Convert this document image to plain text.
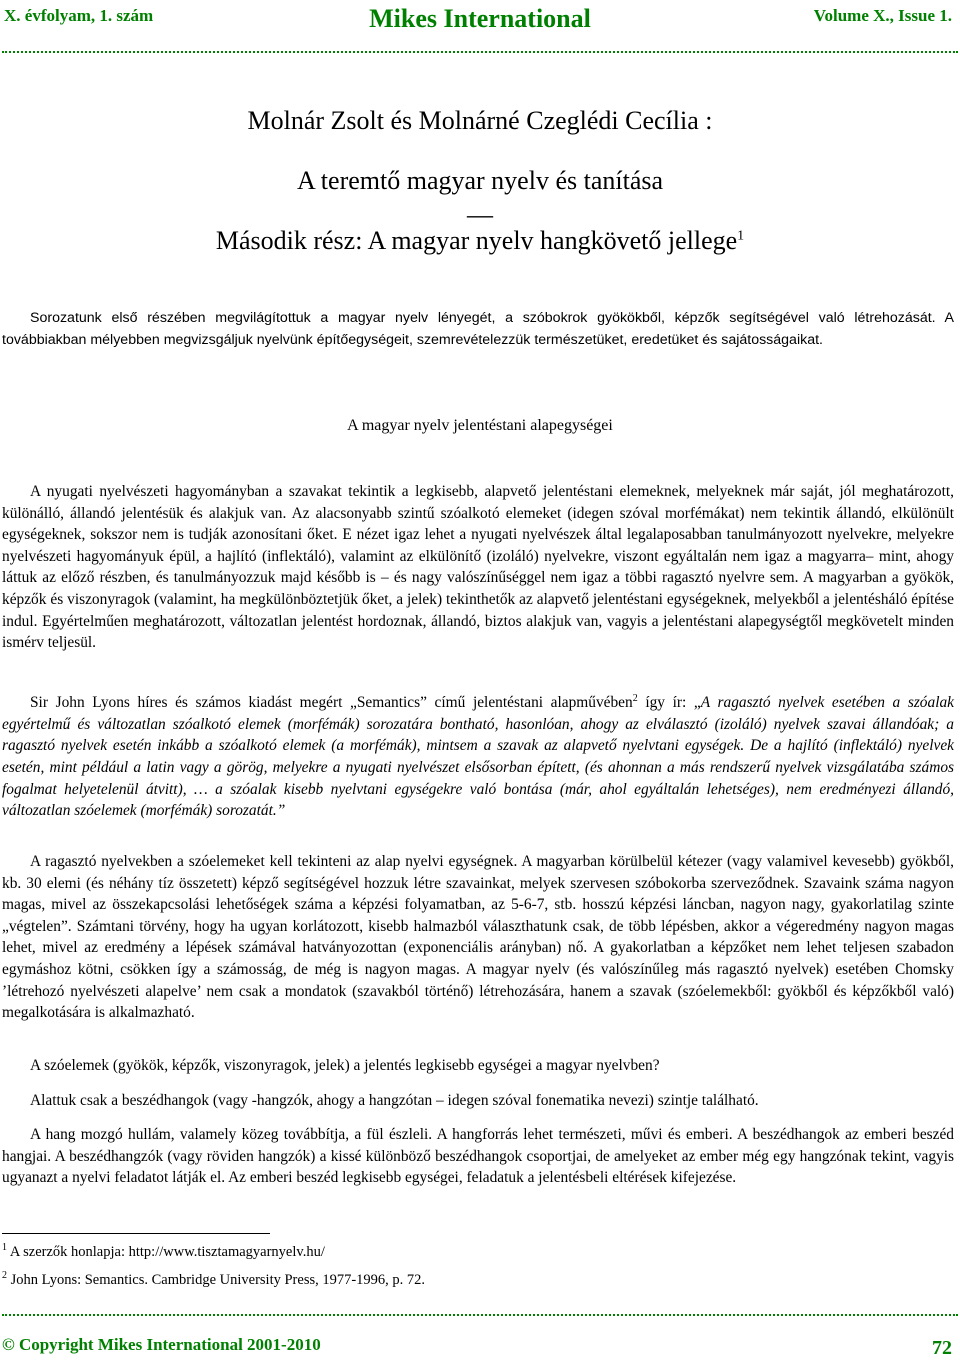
X. évfolyam, 1. szám	Mikes International	Volume X., Issue 1.
Molnár Zsolt és Molnárné Czeglédi Cecília :
A teremtő magyar nyelv és tanítása
—
Második rész: A magyar nyelv hangkövető jellege$^1$

Sorozatunk első részében megvilágítottuk a magyar nyelv lényegét, a szóbokrok gyökökből, képzők segítségével való létrehozását. A továbbiakban mélyebben megvizsgáljuk nyelvünk építőegységeit, szemrevételezzük természetüket, eredetüket és sajátosságaikat.

A magyar nyelv jelentéstani alapegységei

A nyugati nyelvészeti hagyományban a szavakat tekintik a legkisebb, alapvető jelentéstani elemeknek, melyeknek már saját, jól meghatározott, különálló, állandó jelentésük és alakjuk van. Az alacsonyabb szintű szóalkotó elemeket (idegen szóval morfémákat) nem tekintik állandó, elkülönült egységeknek, sokszor nem is tudják azonosítani őket. E nézet igaz lehet a nyugati nyelvészek által legalaposabban tanulmányozott nyelvekre, melyekre nyelvészeti hagyományuk épül, a hajlító (inflektáló), valamint az elkülönítő (izoláló) nyelvekre, viszont egyáltalán nem igaz a magyarra– mint, ahogy láttuk az előző részben, és tanulmányozzuk majd később is – és nagy valószínűséggel nem igaz a többi ragasztó nyelvre sem. A magyarban a gyökök, képzők és viszonyragok (valamint, ha megkülönböztetjük őket, a jelek) tekinthetők az alapvető jelentéstani egységeknek, melyekből a jelentésháló építése indul. Egyértelműen meghatározott, változatlan jelentést hordoznak, állandó, biztos alakjuk van, vagyis a jelentéstani alapegységtől megkövetelt minden ismérv teljesül.

Sir John Lyons híres és számos kiadást megért „Semantics” című jelentéstani alapművében$^2$ így ír: „A ragasztó nyelvek esetében a szóalak egyértelmű és változatlan szóalkotó elemek (morfémák) sorozatára bontható, hasonlóan, ahogy az elválasztó (izoláló) nyelvek szavai állandóak; a ragasztó nyelvek esetén inkább a szóalkotó elemek (a morfémák), mintsem a szavak az alapvető nyelvtani egységek. De a hajlító (inflektáló) nyelvek esetén, mint például a latin vagy a görög, melyekre a nyugati nyelvészet elsősorban épített, (és ahonnan a más rendszerű nyelvek vizsgálatába számos fogalmat helyetelenül átvitt), … a szóalak kisebb nyelvtani egységekre való bontása (már, ahol egyáltalán lehetséges), nem eredményezi állandó, változatlan szóelemek (morfémák) sorozatát.”

A ragasztó nyelvekben a szóelemeket kell tekinteni az alap nyelvi egységnek. A magyarban körülbelül kétezer (vagy valamivel kevesebb) gyökből, kb. 30 elemi (és néhány tíz összetett) képző segítségével hozzuk létre szavainkat, melyek szervesen szóbokorba szerveződnek. Szavaink száma nagyon magas, mivel az összekapcsolási lehetőségek száma a képzési folyamatban, az 5-6-7, stb. hosszú képzési láncban, nagyon nagy, gyakorlatilag szinte „végtelen”. Számtani törvény, hogy ha ugyan korlátozott, kisebb halmazból választhatunk csak, de több lépésben, akkor a végeredmény nagyon magas lehet, mivel az eredmény a lépések számával hatványozottan (exponenciális arányban) nő. A gyakorlatban a képzőket nem lehet teljesen szabadon egymáshoz kötni, csökken így a számosság, de még is nagyon magas. A magyar nyelv (és valószínűleg más ragasztó nyelvek) esetében Chomsky ’létrehozó nyelvészeti alapelve’ nem csak a mondatok (szavakból történő) létrehozására, hanem a szavak (szóelemekből: gyökből és képzőkből való) megalkotására is alkalmazható.

A szóelemek (gyökök, képzők, viszonyragok, jelek) a jelentés legkisebb egységei a magyar nyelvben?

Alattuk csak a beszédhangok (vagy -hangzók, ahogy a hangzótan – idegen szóval fonematika nevezi) szintje található.

A hang mozgó hullám, valamely közeg továbbítja, a fül észleli. A hangforrás lehet természeti, művi és emberi. A beszédhangok az emberi beszéd hangjai. A beszédhangzók (vagy röviden hangzók) a kissé különböző beszédhangok csoportjai, de amelyeket az ember még egy hangzónak tekint, vagyis ugyanazt a nyelvi feladatot látják el. Az emberi beszéd legkisebb egységei, feladatuk a jelentésbeli eltérések kifejezése.

$^1$ A szerzők honlapja: http://www.tisztamagyarnyelv.hu/
$^2$ John Lyons: Semantics. Cambridge University Press, 1977-1996, p. 72.
© Copyright Mikes International 2001-2010	72
